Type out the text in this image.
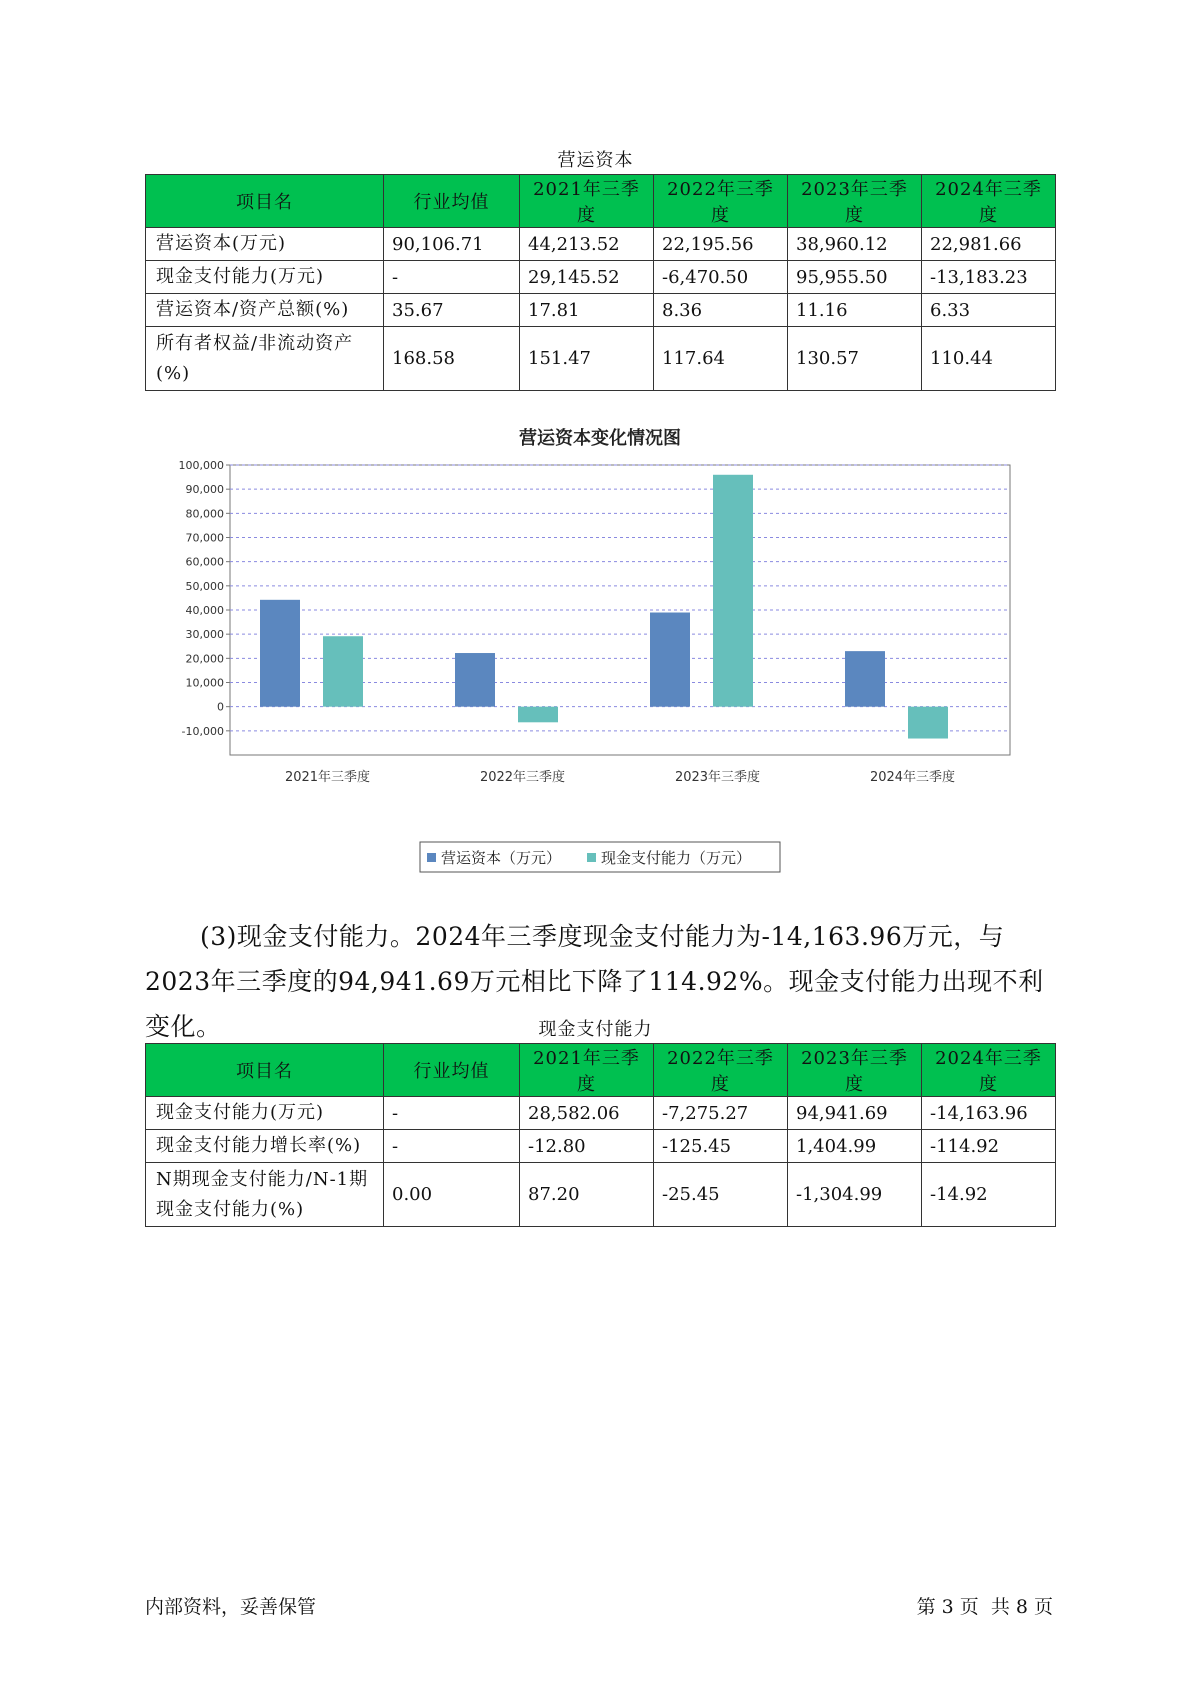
营运资本
项目名	行业均值	2021年三季度	2022年三季度	2023年三季度	2024年三季度
营运资本(万元)	90,106.71	44,213.52	22,195.56	38,960.12	22,981.66
现金支付能力(万元)	-	29,145.52	-6,470.50	95,955.50	-13,183.23
营运资本/资产总额(%)	35.67	17.81	8.36	11.16	6.33
所有者权益/非流动资产(%)	168.58	151.47	117.64	130.57	110.44
营运资本变化情况图
100,000
90,000
80,000
70,000
60,000
50,000
40,000
30,000
20,000
10,000
0
-10,000
2021年三季度	2022年三季度	2023年三季度	2024年三季度
营运资本（万元）	现金支付能力（万元）
(3)现金支付能力。2024年三季度现金支付能力为-14,163.96万元，与2023年三季度的94,941.69万元相比下降了114.92%。现金支付能力出现不利变化。	现金支付能力
项目名	行业均值	2021年三季度	2022年三季度	2023年三季度	2024年三季度
现金支付能力(万元)	-	28,582.06	-7,275.27	94,941.69	-14,163.96
现金支付能力增长率(%)	-	-12.80	-125.45	1,404.99	-114.92
N期现金支付能力/N-1期现金支付能力(%)	0.00	87.20	-25.45	-1,304.99	-14.92
内部资料，妥善保管	第 3 页  共 8 页
